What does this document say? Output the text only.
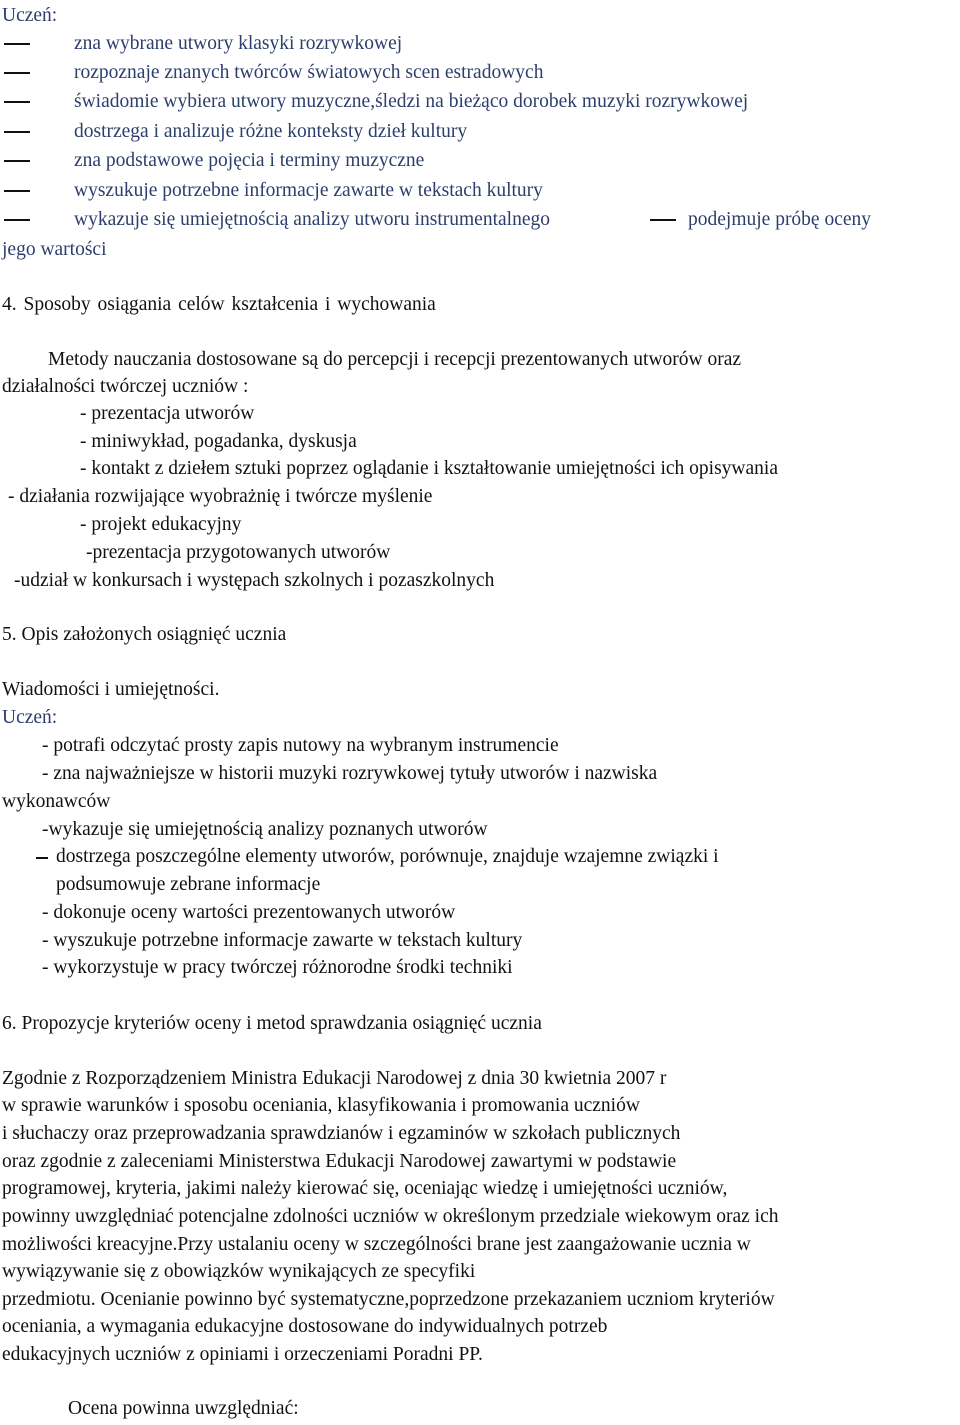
Uczeń:
zna wybrane utwory klasyki rozrywkowej
rozpoznaje znanych twórców światowych scen estradowych
świadomie wybiera utwory muzyczne,śledzi na bieżąco dorobek muzyki rozrywkowej
dostrzega i analizuje różne konteksty dzieł kultury
zna podstawowe pojęcia i terminy muzyczne
wyszukuje potrzebne informacje zawarte w tekstach kultury
wykazuje się umiejętnością analizy utworu instrumentalnego	podejmuje próbę oceny
jego wartości
4. Sposoby osiągania celów kształcenia i wychowania
Metody nauczania dostosowane są do percepcji i recepcji prezentowanych utworów oraz
działalności twórczej uczniów :
- prezentacja utworów
- miniwykład, pogadanka, dyskusja
- kontakt z dziełem sztuki poprzez oglądanie i kształtowanie umiejętności ich opisywania
- działania rozwijające wyobrażnię i twórcze myślenie
- projekt edukacyjny
-prezentacja przygotowanych utworów
-udział w konkursach i występach szkolnych i pozaszkolnych
5. Opis założonych osiągnięć ucznia
Wiadomości i umiejętności.
Uczeń:
- potrafi odczytać prosty zapis nutowy na wybranym instrumencie
- zna najważniejsze w historii muzyki rozrywkowej tytuły utworów i nazwiska
wykonawców
-wykazuje się umiejętnością analizy poznanych utworów
dostrzega poszczególne elementy utworów, porównuje, znajduje wzajemne związki i
podsumowuje zebrane informacje
- dokonuje oceny wartości prezentowanych utworów
- wyszukuje potrzebne informacje zawarte w tekstach kultury
- wykorzystuje w pracy twórczej różnorodne środki techniki
6. Propozycje kryteriów oceny i metod sprawdzania osiągnięć ucznia
Zgodnie z Rozporządzeniem Ministra Edukacji Narodowej z dnia 30 kwietnia 2007 r
w sprawie warunków i sposobu oceniania, klasyfikowania i promowania uczniów
i słuchaczy oraz przeprowadzania sprawdzianów i egzaminów w szkołach publicznych
oraz zgodnie z zaleceniami Ministerstwa Edukacji Narodowej zawartymi w podstawie
programowej, kryteria, jakimi należy kierować się, oceniając wiedzę i umiejętności uczniów,
powinny uwzględniać potencjalne zdolności uczniów w określonym przedziale wiekowym oraz ich
możliwości kreacyjne.Przy ustalaniu oceny w szczególności brane jest zaangażowanie ucznia w
wywiązywanie się z obowiązków wynikających ze specyfiki
przedmiotu. Ocenianie powinno być systematyczne,poprzedzone przekazaniem uczniom kryteriów
oceniania, a wymagania edukacyjne dostosowane do indywidualnych potrzeb
edukacyjnych uczniów z opiniami i orzeczeniami Poradni PP.
Ocena powinna uwzględniać:
